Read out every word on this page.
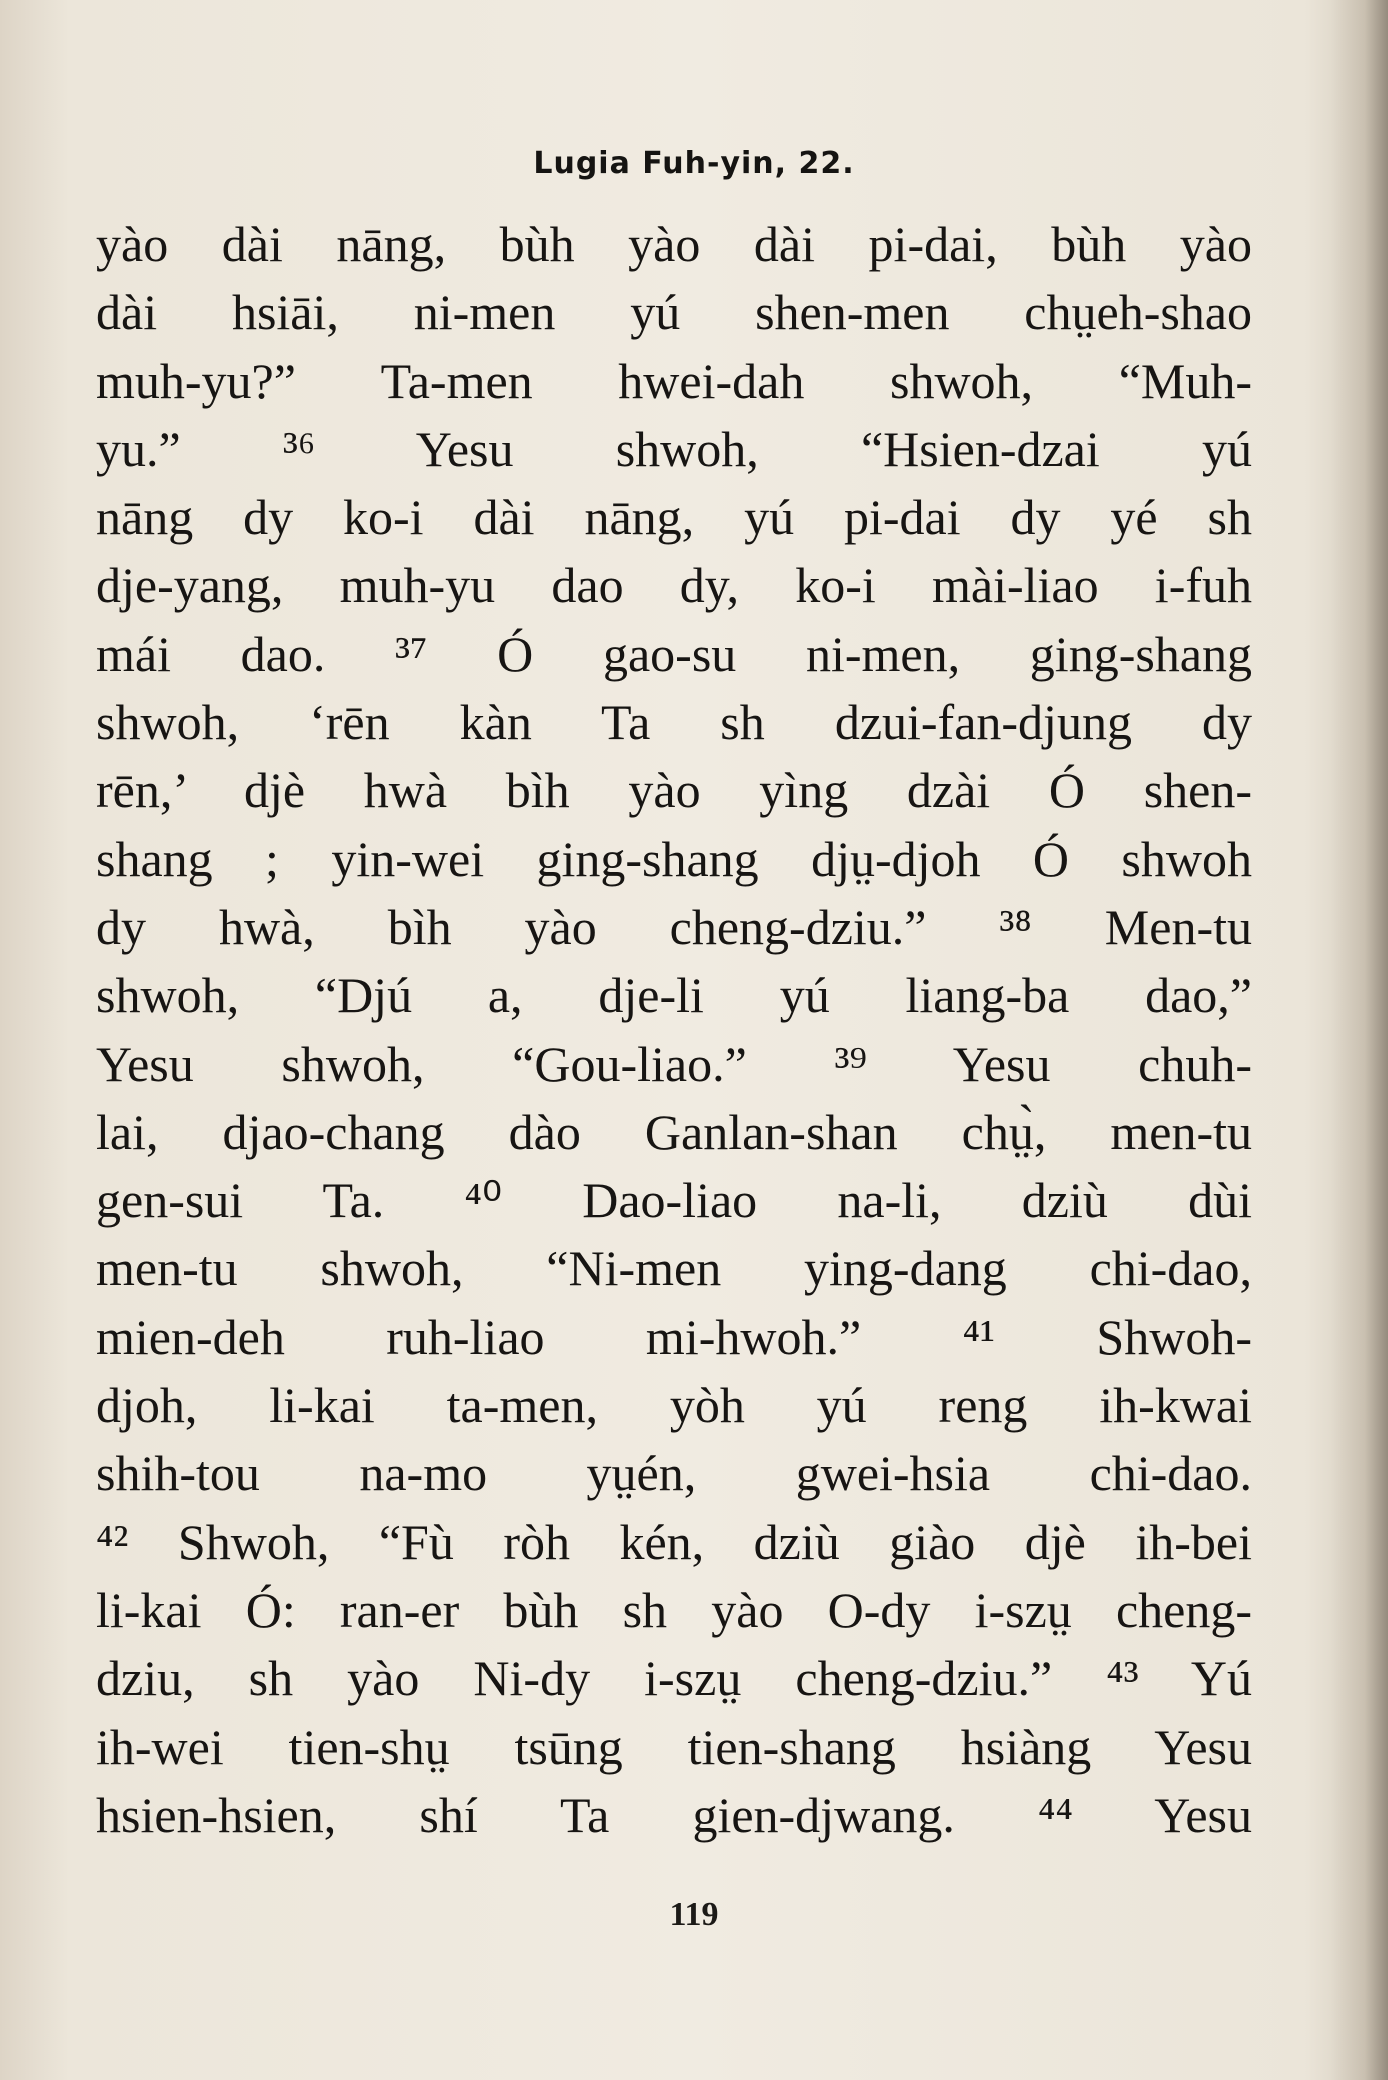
Lugia Fuh-yin, 22.
yào dài nāng, bùh yào dài pi-dai, bùh yào
dài hsiāi, ni-men yú shen-men chṳeh-shao
muh-yu?” Ta-men hwei-dah shwoh, “Muh-
yu.” ³⁶ Yesu shwoh, “Hsien-dzai yú
nāng dy ko-i dài nāng, yú pi-dai dy yé sh
dje-yang, muh-yu dao dy, ko-i mài-liao i-fuh
mái dao. ³⁷ Ó gao-su ni-men, ging-shang
shwoh, ‘rēn kàn Ta sh dzui-fan-djung dy
rēn,’ djè hwà bìh yào yìng dzài Ó shen-
shang ; yin-wei ging-shang djṳ-djoh Ó shwoh
dy hwà, bìh yào cheng-dziu.” ³⁸ Men-tu
shwoh, “Djú a, dje-li yú liang-ba dao,”
Yesu shwoh, “Gou-liao.” ³⁹ Yesu chuh-
lai, djao-chang dào Ganlan-shan chṳ̀, men-tu
gen-sui Ta. ⁴⁰ Dao-liao na-li, dziù dùi
men-tu shwoh, “Ni-men ying-dang chi-dao,
mien-deh ruh-liao mi-hwoh.” ⁴¹ Shwoh-
djoh, li-kai ta-men, yòh yú reng ih-kwai
shih-tou na-mo yṳén, gwei-hsia chi-dao.
⁴² Shwoh, “Fù ròh kén, dziù giào djè ih-bei
li-kai Ó: ran-er bùh sh yào O-dy i-szṳ cheng-
dziu, sh yào Ni-dy i-szṳ cheng-dziu.” ⁴³ Yú
ih-wei tien-shṳ tsūng tien-shang hsiàng Yesu
hsien-hsien, shí Ta gien-djwang. ⁴⁴ Yesu
119
